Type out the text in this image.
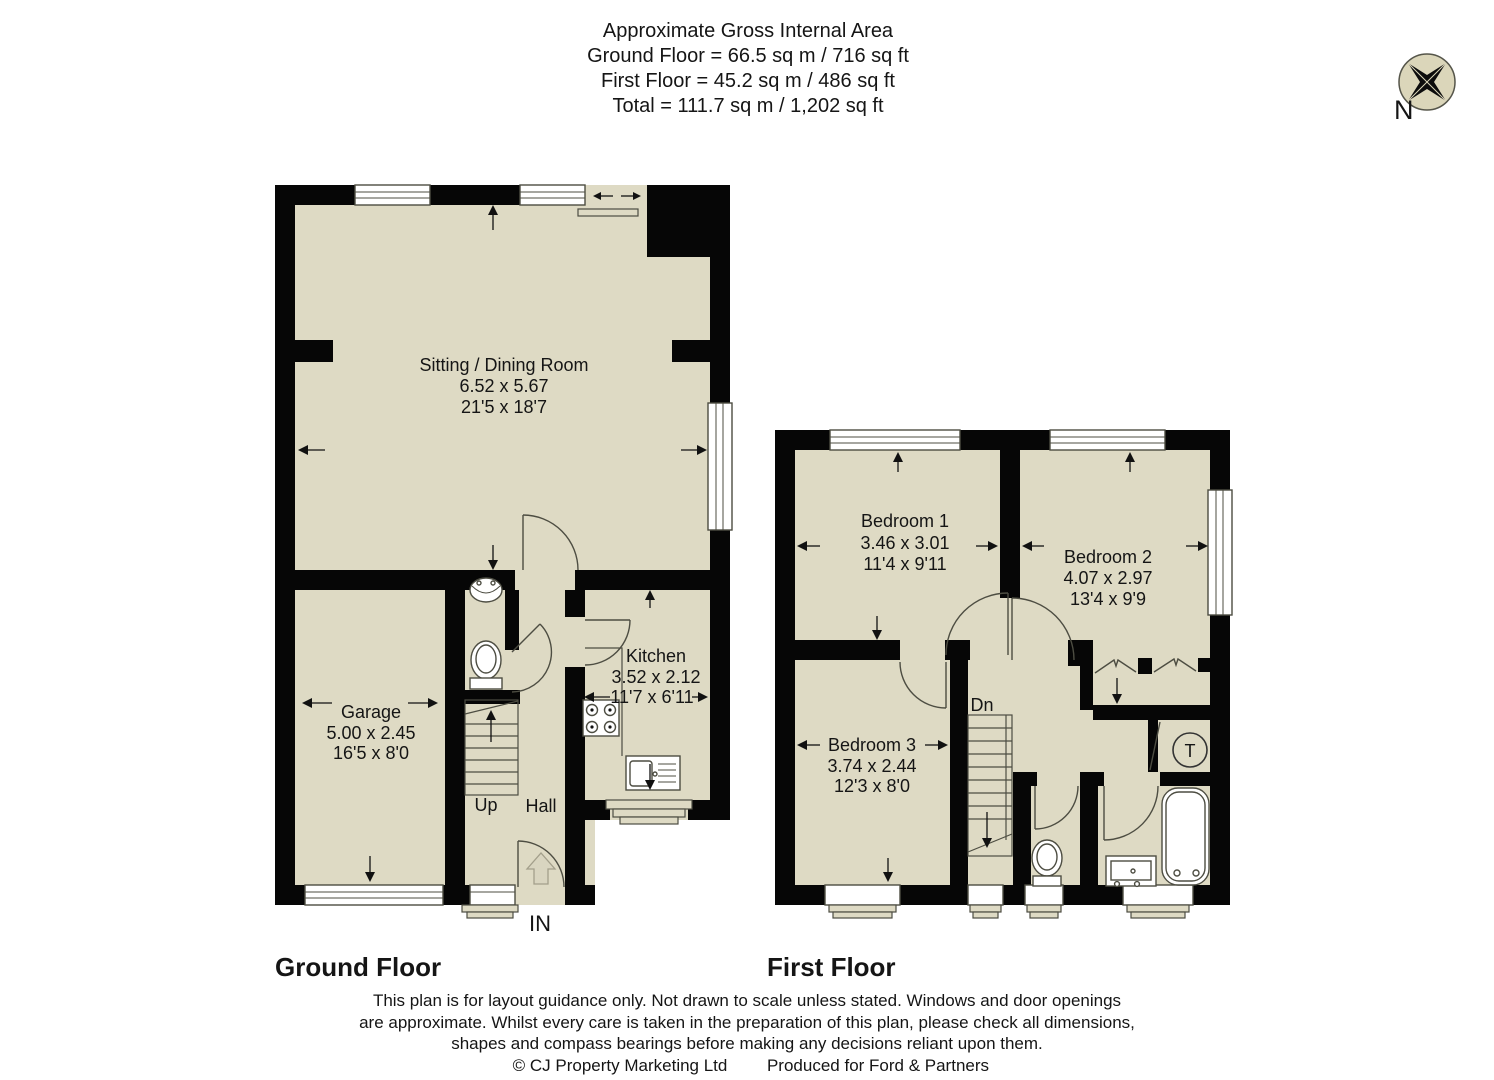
Approximate Gross Internal Area
Ground Floor = 66.5 sq m / 716 sq ft
First Floor = 45.2 sq m / 486 sq ft
Total = 111.7 sq m / 1,202 sq ft	N
Sitting / Dining Room
6.52 x 5.67
21'5 x 18'7
Garage
5.00 x 2.45
16'5 x 8'0
Kitchen
3.52 x 2.12
11'7 x 6'11
Up Hall
IN
T
Bedroom 1
3.46 x 3.01
11'4 x 9'11	Bedroom 2
4.07 x 2.97
13'4 x 9'9
Bedroom 3
3.74 x 2.44
12'3 x 8'0
Dn
Ground Floor	First Floor
This plan is for layout guidance only. Not drawn to scale unless stated. Windows and door openings
are approximate. Whilst every care is taken in the preparation of this plan, please check all dimensions,
shapes and compass bearings before making any decisions reliant upon them.
© CJ Property Marketing Ltd Produced for Ford & Partners
